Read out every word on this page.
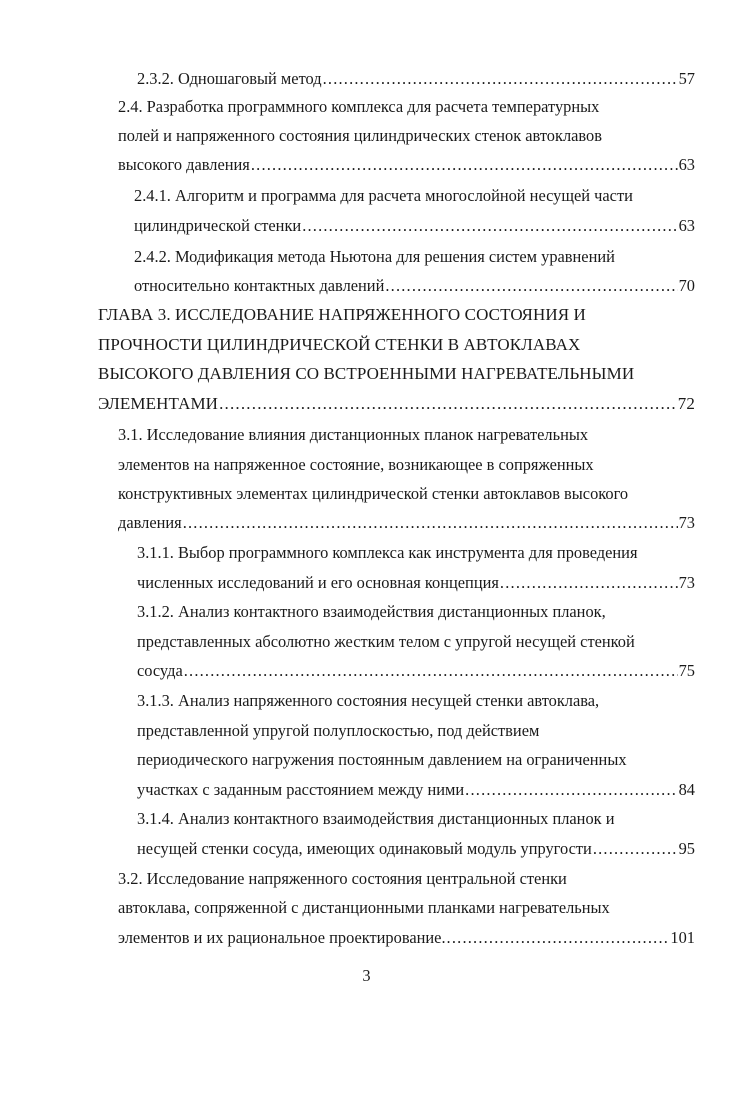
2.3.2. Одношаговый метод .....	57
2.4. Разработка программного комплекса для расчета температурных
полей и напряженного состояния цилиндрических стенок автоклавов
высокого давления .....	63
2.4.1. Алгоритм и программа для расчета многослойной несущей части
цилиндрической стенки .....	63
2.4.2. Модификация метода Ньютона для решения систем уравнений
относительно контактных давлений .....	70
ГЛАВА 3. ИССЛЕДОВАНИЕ НАПРЯЖЕННОГО СОСТОЯНИЯ И
ПРОЧНОСТИ ЦИЛИНДРИЧЕСКОЙ СТЕНКИ В АВТОКЛАВАХ
ВЫСОКОГО ДАВЛЕНИЯ СО ВСТРОЕННЫМИ НАГРЕВАТЕЛЬНЫМИ
ЭЛЕМЕНТАМИ .....	72
3.1. Исследование влияния дистанционных планок нагревательных
элементов на напряженное состояние, возникающее в сопряженных
конструктивных элементах цилиндрической стенки автоклавов высокого
давления .....	73
3.1.1. Выбор программного комплекса как инструмента для проведения
численных исследований и его основная концепция .....	73
3.1.2. Анализ контактного взаимодействия дистанционных планок,
представленных абсолютно жестким телом с упругой несущей стенкой
сосуда .....	75
3.1.3. Анализ напряженного состояния несущей стенки автоклава,
представленной упругой полуплоскостью, под действием
периодического нагружения постоянным давлением на ограниченных
участках с заданным расстоянием между ними .....	84
3.1.4. Анализ контактного взаимодействия дистанционных планок и
несущей стенки сосуда, имеющих одинаковый модуль упругости .....	95
3.2. Исследование напряженного состояния центральной стенки
автоклава, сопряженной с дистанционными планками нагревательных
элементов и их рациональное проектирование. .....	101
3
